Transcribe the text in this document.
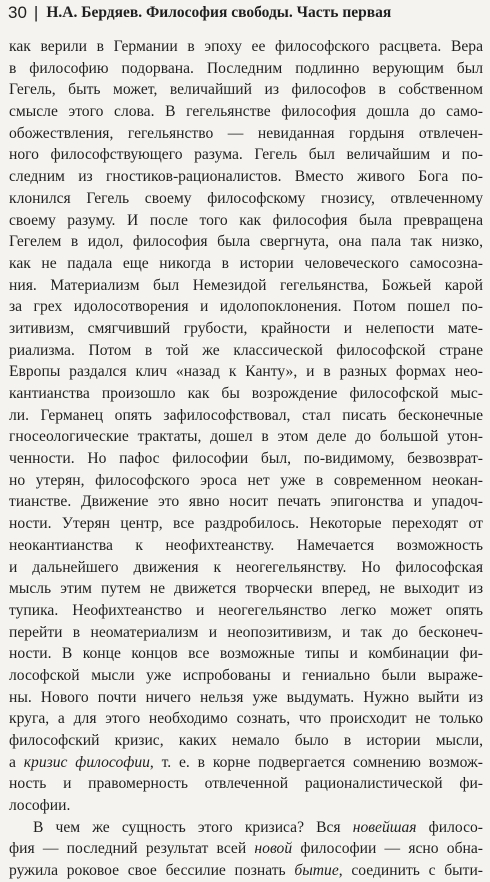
30 | Н.А. Бердяев. Философия свободы. Часть первая
как верили в Германии в эпоху ее философского расцвета. Вера
в философию подорвана. Последним подлинно верующим был
Гегель, быть может, величайший из философов в собственном
смысле этого слова. В гегельянстве философия дошла до само-
обожествления, гегельянство — невиданная гордыня отвлечен-
ного философствующего разума. Гегель был величайшим и по-
следним из гностиков-рационалистов. Вместо живого Бога по-
клонился Гегель своему философскому гнозису, отвлеченному
своему разуму. И после того как философия была превращена
Гегелем в идол, философия была свергнута, она пала так низко,
как не падала еще никогда в истории человеческого самосозна-
ния. Материализм был Немезидой гегельянства, Божьей карой
за грех идолосотворения и идолопоклонения. Потом пошел по-
зитивизм, смягчивший грубости, крайности и нелепости мате-
риализма. Потом в той же классической философской стране
Европы раздался клич «назад к Канту», и в разных формах нео-
кантианства произошло как бы возрождение философской мыс-
ли. Германец опять зафилософствовал, стал писать бесконечные
гносеологические трактаты, дошел в этом деле до большой утон-
ченности. Но пафос философии был, по-видимому, безвозврат-
но утерян, философского эроса нет уже в современном неокан-
тианстве. Движение это явно носит печать эпигонства и упадоч-
ности. Утерян центр, все раздробилось. Некоторые переходят от
неокантианства к неофихтеанству. Намечается возможность
и дальнейшего движения к неогегельянству. Но философская
мысль этим путем не движется творчески вперед, не выходит из
тупика. Неофихтеанство и неогегельянство легко может опять
перейти в неоматериализм и неопозитивизм, и так до бесконеч-
ности. В конце концов все возможные типы и комбинации фи-
лософской мысли уже испробованы и гениально были выраже-
ны. Нового почти ничего нельзя уже выдумать. Нужно выйти из
круга, а для этого необходимо сознать, что происходит не только
философский кризис, каких немало было в истории мысли,
а кризис философии, т. е. в корне подвергается сомнению возмож-
ность и правомерность отвлеченной рационалистической фи-
лософии.
В чем же сущность этого кризиса? Вся новейшая филосо-
фия — последний результат всей новой философии — ясно обна-
ружила роковое свое бессилие познать бытие, соединить с быти-
